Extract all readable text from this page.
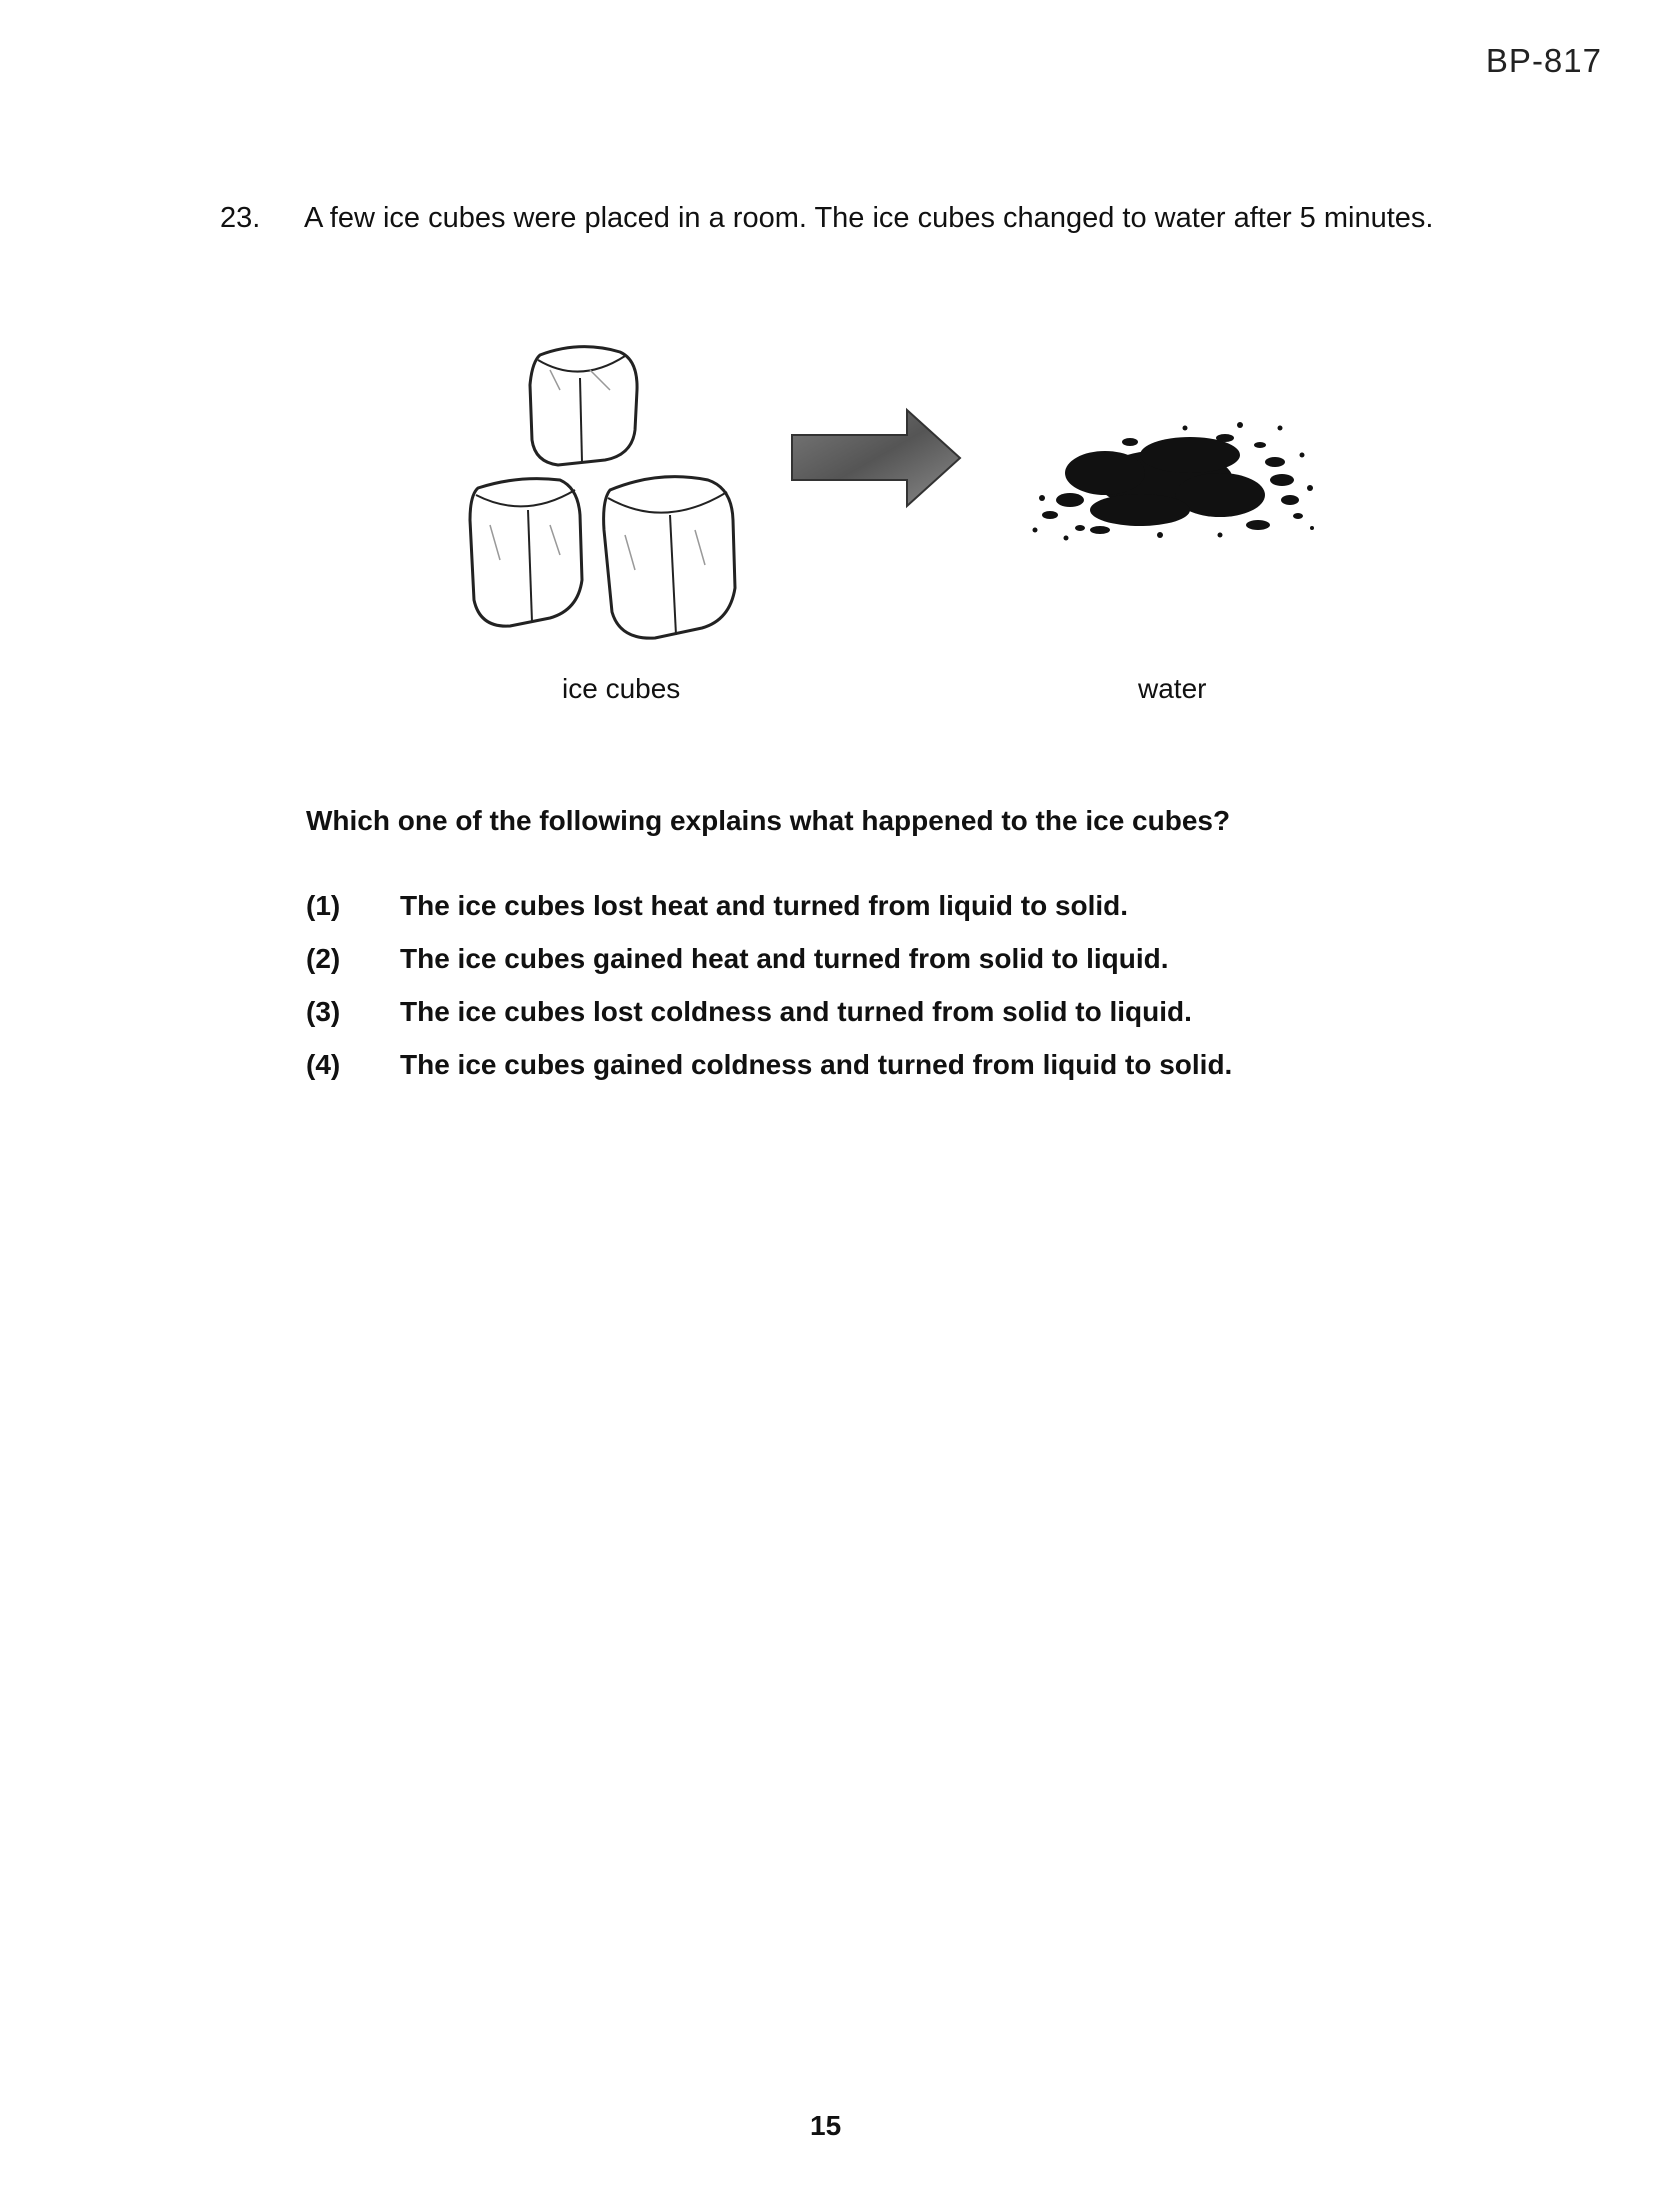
BP-817
23. A few ice cubes were placed in a room. The ice cubes changed to water after 5 minutes.
ice cubes	water
Which one of the following explains what happened to the ice cubes?
(1) The ice cubes lost heat and turned from liquid to solid.
(2) The ice cubes gained heat and turned from solid to liquid.
(3) The ice cubes lost coldness and turned from solid to liquid.
(4) The ice cubes gained coldness and turned from liquid to solid.
15
